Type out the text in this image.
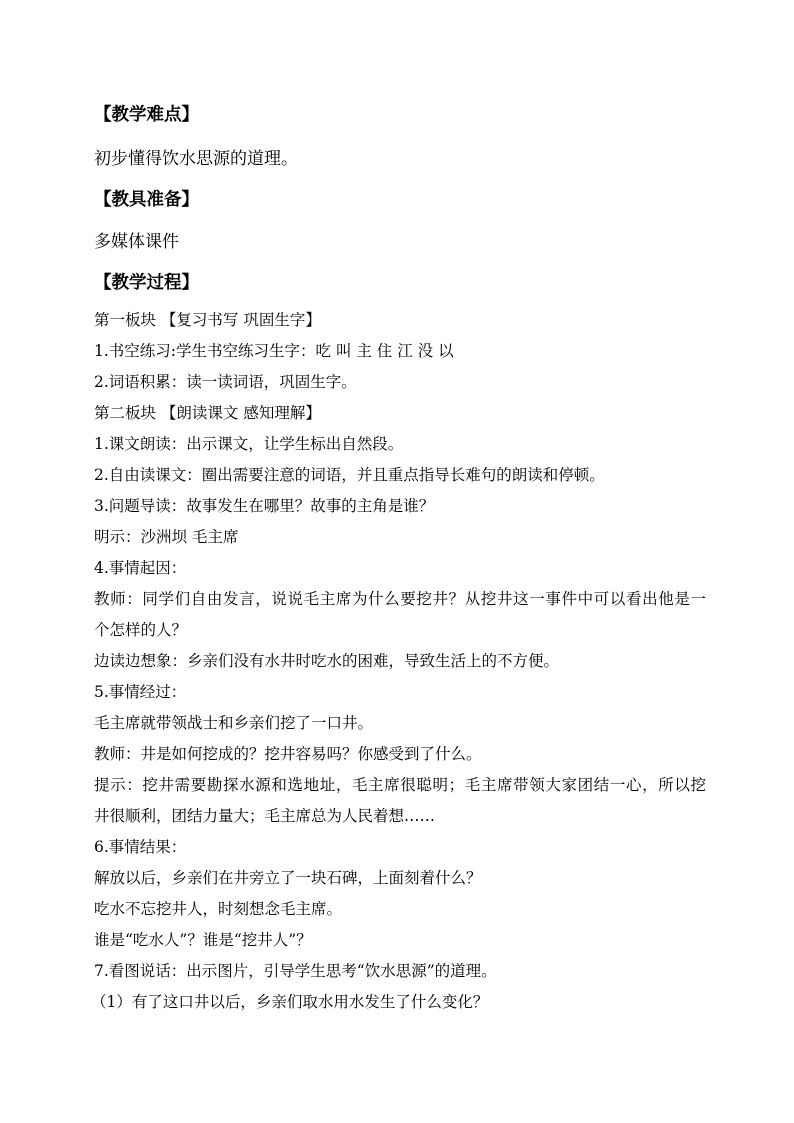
【教学难点】
初步懂得饮水思源的道理。
【教具准备】
多媒体课件
【教学过程】
第一板块 【复习书写 巩固生字】
1.书空练习:学生书空练习生字：吃 叫 主 住 江 没 以
2.词语积累：读一读词语，巩固生字。
第二板块 【朗读课文 感知理解】
1.课文朗读：出示课文，让学生标出自然段。
2.自由读课文：圈出需要注意的词语，并且重点指导长难句的朗读和停顿。
3.问题导读：故事发生在哪里？故事的主角是谁？
明示：沙洲坝 毛主席
4.事情起因：
教师：同学们自由发言，说说毛主席为什么要挖井？从挖井这一事件中可以看出他是一
个怎样的人？
边读边想象：乡亲们没有水井时吃水的困难，导致生活上的不方便。
5.事情经过：
毛主席就带领战士和乡亲们挖了一口井。
教师：井是如何挖成的？挖井容易吗？你感受到了什么。
提示：挖井需要勘探水源和选地址，毛主席很聪明；毛主席带领大家团结一心，所以挖
井很顺利，团结力量大；毛主席总为人民着想……
6.事情结果：
解放以后，乡亲们在井旁立了一块石碑，上面刻着什么？
吃水不忘挖井人，时刻想念毛主席。
谁是“吃水人”？谁是“挖井人”？
7.看图说话：出示图片，引导学生思考“饮水思源”的道理。
（1）有了这口井以后，乡亲们取水用水发生了什么变化？
